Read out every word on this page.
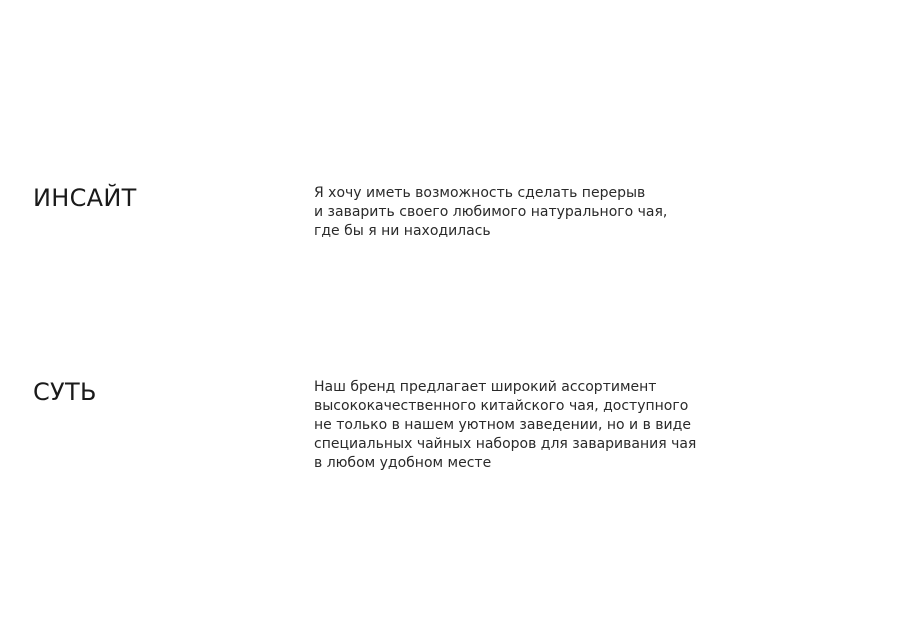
ИНСАЙТ	Я хочу иметь возможность сделать перерыв
и заварить своего любимого натурального чая,
где бы я ни находилась

СУТЬ	Наш бренд предлагает широкий ассортимент
высококачественного китайского чая, доступного
не только в нашем уютном заведении, но и в виде
специальных чайных наборов для заваривания чая
в любом удобном месте
